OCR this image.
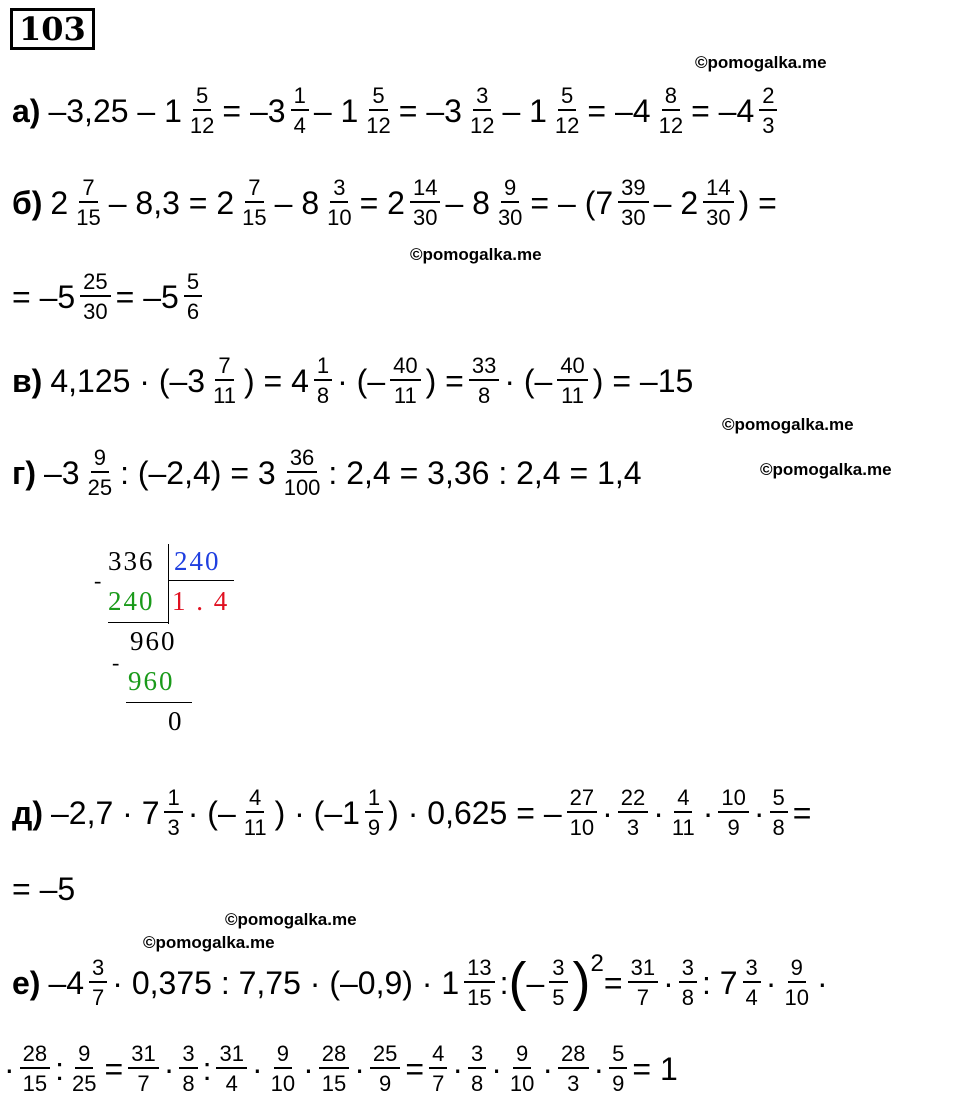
103
©pomogalka.me
©pomogalka.me
©pomogalka.me
©pomogalka.me
©pomogalka.me
©pomogalka.me
а) $-3,25 - 1 \frac{5}{12} = -3 \frac{1}{4} - 1 \frac{5}{12} = -3 \frac{3}{12} - 1 \frac{5}{12} = -4 \frac{8}{12} = -4 \frac{2}{3}$
б) $2 \frac{7}{15} - 8,3 = 2 \frac{7}{15} - 8 \frac{3}{10} = 2 \frac{14}{30} - 8 \frac{9}{30}$ = – ($7 \frac{39}{30} - 2 \frac{14}{30}$ ) =
= $-5 \frac{25}{30} = -5 \frac{5}{6}$
в) $4,125 \cdot (-3 \frac{7}{11}$ ) = $4 \frac{1}{8}$ · (– $\frac{40}{11}$ ) = $\frac{33}{8}$ · (– $\frac{40}{11}$ ) = –15
г) $-3 \frac{9}{25}$ : $(-2,4) = 3 \frac{36}{100}$ : 2,4 = 3,36 : 2,4 = 1,4
336 240
-
240 1 . 4
960
-
960
0
д) $-2,7 \cdot 7 \frac{1}{3}$ · (– $\frac{4}{11}$ ) · ($-1 \frac{1}{9}$ ) · 0,625 = – $\frac{27}{10} \cdot \frac{22}{3} \cdot \frac{4}{11} \cdot \frac{10}{9} \cdot \frac{5}{8}$ =
= –5
е) $-4 \frac{3}{7} \cdot 0,375$ : $7,75 \cdot (-0,9) \cdot 1 \frac{13}{15}$ : ( – $\frac{3}{5}$ ) 2
= $\frac{31}{7} \cdot \frac{3}{8}$ : $7 \frac{3}{4} \cdot \frac{9}{10}$ ·
· $\frac{28}{15}$ : $\frac{9}{25} = \frac{31}{7} \cdot \frac{3}{8}$ : $\frac{31}{4} \cdot \frac{9}{10} \cdot \frac{28}{15} \cdot \frac{25}{9} = \frac{4}{7} \cdot \frac{3}{8} \cdot \frac{9}{10} \cdot \frac{28}{3} \cdot \frac{5}{9} = 1$
